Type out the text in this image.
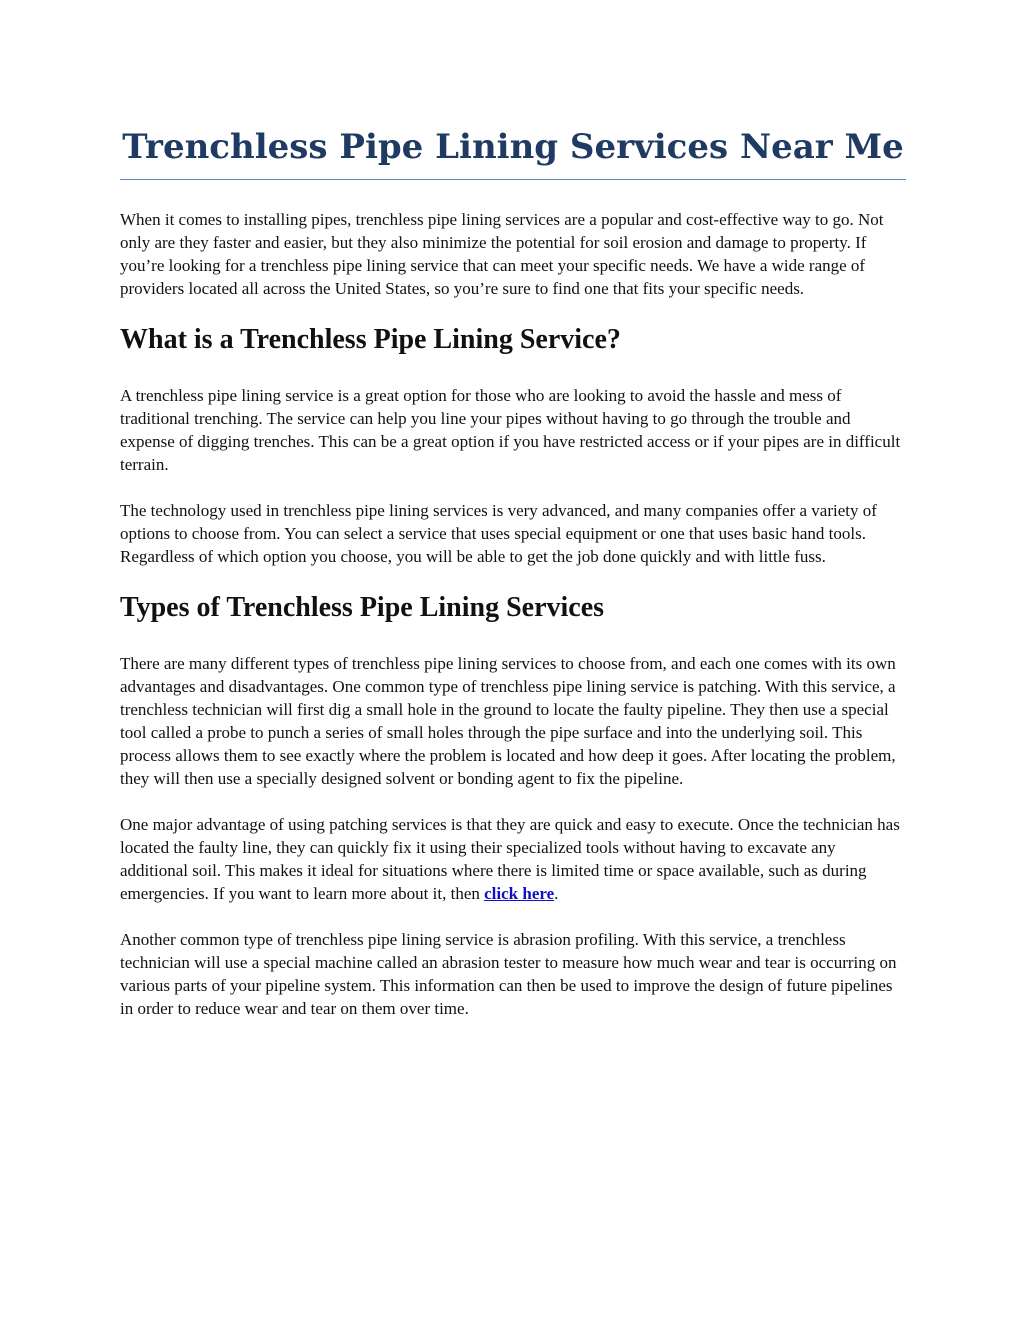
Trenchless Pipe Lining Services Near Me

When it comes to installing pipes, trenchless pipe lining services are a popular and cost-effective way to go. Not only are they faster and easier, but they also minimize the potential for soil erosion and damage to property. If you’re looking for a trenchless pipe lining service that can meet your specific needs. We have a wide range of providers located all across the United States, so you’re sure to find one that fits your specific needs.

What is a Trenchless Pipe Lining Service?

A trenchless pipe lining service is a great option for those who are looking to avoid the hassle and mess of traditional trenching. The service can help you line your pipes without having to go through the trouble and expense of digging trenches. This can be a great option if you have restricted access or if your pipes are in difficult terrain.

The technology used in trenchless pipe lining services is very advanced, and many companies offer a variety of options to choose from. You can select a service that uses special equipment or one that uses basic hand tools. Regardless of which option you choose, you will be able to get the job done quickly and with little fuss.

Types of Trenchless Pipe Lining Services

There are many different types of trenchless pipe lining services to choose from, and each one comes with its own advantages and disadvantages. One common type of trenchless pipe lining service is patching. With this service, a trenchless technician will first dig a small hole in the ground to locate the faulty pipeline. They then use a special tool called a probe to punch a series of small holes through the pipe surface and into the underlying soil. This process allows them to see exactly where the problem is located and how deep it goes. After locating the problem, they will then use a specially designed solvent or bonding agent to fix the pipeline.

One major advantage of using patching services is that they are quick and easy to execute. Once the technician has located the faulty line, they can quickly fix it using their specialized tools without having to excavate any additional soil. This makes it ideal for situations where there is limited time or space available, such as during emergencies. If you want to learn more about it, then click here.

Another common type of trenchless pipe lining service is abrasion profiling. With this service, a trenchless technician will use a special machine called an abrasion tester to measure how much wear and tear is occurring on various parts of your pipeline system. This information can then be used to improve the design of future pipelines in order to reduce wear and tear on them over time.
